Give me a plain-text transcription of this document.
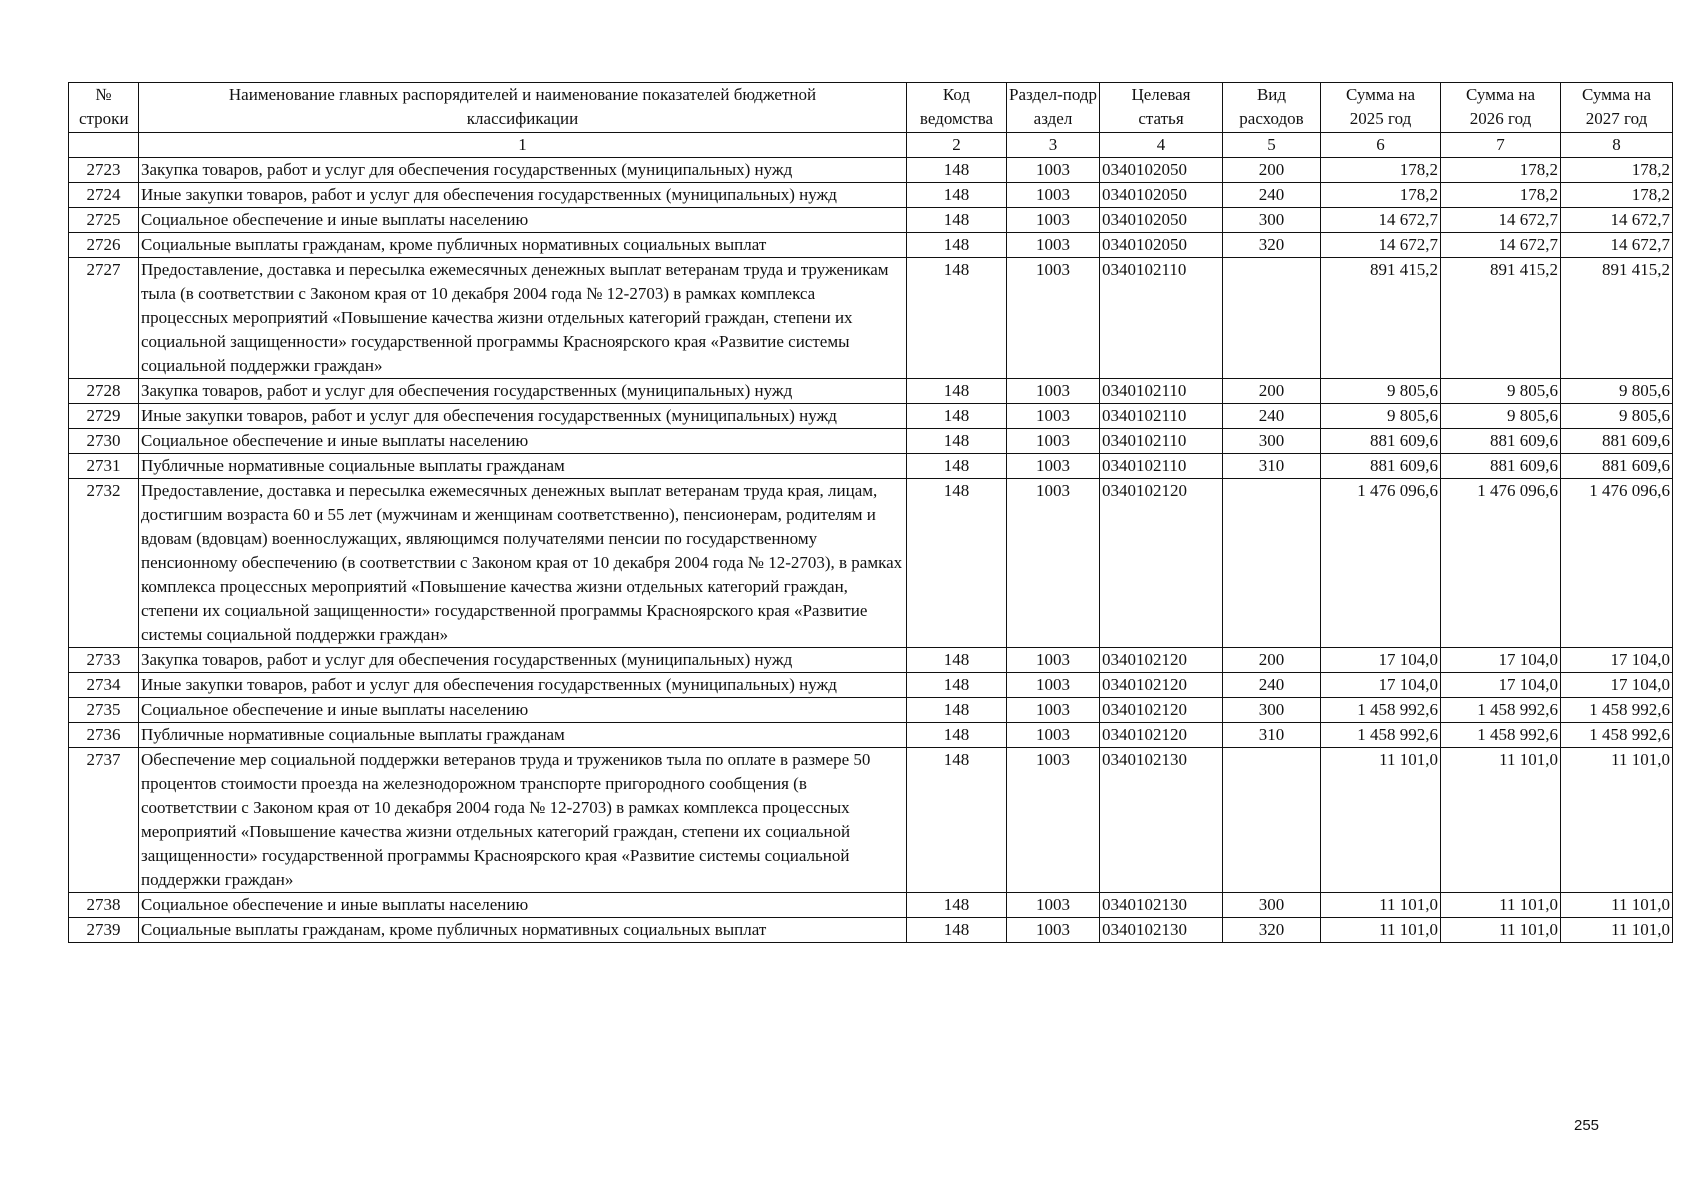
№ строки	Наименование главных распорядителей и наименование показателей бюджетной классификации	Код ведомства	Раздел-подраздел	Целевая статья	Вид расходов	Сумма на 2025 год	Сумма на 2026 год	Сумма на 2027 год
	1	2	3	4	5	6	7	8
2723	Закупка товаров, работ и услуг для обеспечения государственных (муниципальных) нужд	148	1003	0340102050	200	178,2	178,2	178,2
2724	Иные закупки товаров, работ и услуг для обеспечения государственных (муниципальных) нужд	148	1003	0340102050	240	178,2	178,2	178,2
2725	Социальное обеспечение и иные выплаты населению	148	1003	0340102050	300	14 672,7	14 672,7	14 672,7
2726	Социальные выплаты гражданам, кроме публичных нормативных социальных выплат	148	1003	0340102050	320	14 672,7	14 672,7	14 672,7
2727	Предоставление, доставка и пересылка ежемесячных денежных выплат ветеранам труда и труженикам тыла (в соответствии с Законом края от 10 декабря 2004 года № 12-2703) в рамках комплекса процессных мероприятий «Повышение качества жизни отдельных категорий граждан, степени их социальной защищенности» государственной программы Красноярского края «Развитие системы социальной поддержки граждан»	148	1003	0340102110		891 415,2	891 415,2	891 415,2
2728	Закупка товаров, работ и услуг для обеспечения государственных (муниципальных) нужд	148	1003	0340102110	200	9 805,6	9 805,6	9 805,6
2729	Иные закупки товаров, работ и услуг для обеспечения государственных (муниципальных) нужд	148	1003	0340102110	240	9 805,6	9 805,6	9 805,6
2730	Социальное обеспечение и иные выплаты населению	148	1003	0340102110	300	881 609,6	881 609,6	881 609,6
2731	Публичные нормативные социальные выплаты гражданам	148	1003	0340102110	310	881 609,6	881 609,6	881 609,6
2732	Предоставление, доставка и пересылка ежемесячных денежных выплат ветеранам труда края, лицам, достигшим возраста 60 и 55 лет (мужчинам и женщинам соответственно), пенсионерам, родителям и вдовам (вдовцам) военнослужащих, являющимся получателями пенсии по государственному пенсионному обеспечению (в соответствии с Законом края от 10 декабря 2004 года № 12-2703), в рамках комплекса процессных мероприятий «Повышение качества жизни отдельных категорий граждан, степени их социальной защищенности» государственной программы Красноярского края «Развитие системы социальной поддержки граждан»	148	1003	0340102120		1 476 096,6	1 476 096,6	1 476 096,6
2733	Закупка товаров, работ и услуг для обеспечения государственных (муниципальных) нужд	148	1003	0340102120	200	17 104,0	17 104,0	17 104,0
2734	Иные закупки товаров, работ и услуг для обеспечения государственных (муниципальных) нужд	148	1003	0340102120	240	17 104,0	17 104,0	17 104,0
2735	Социальное обеспечение и иные выплаты населению	148	1003	0340102120	300	1 458 992,6	1 458 992,6	1 458 992,6
2736	Публичные нормативные социальные выплаты гражданам	148	1003	0340102120	310	1 458 992,6	1 458 992,6	1 458 992,6
2737	Обеспечение мер социальной поддержки ветеранов труда и тружеников тыла по оплате в размере 50 процентов стоимости проезда на железнодорожном транспорте пригородного сообщения (в соответствии с Законом края от 10 декабря 2004 года № 12-2703) в рамках комплекса процессных мероприятий «Повышение качества жизни отдельных категорий граждан, степени их социальной защищенности» государственной программы Красноярского края «Развитие системы социальной поддержки граждан»	148	1003	0340102130		11 101,0	11 101,0	11 101,0
2738	Социальное обеспечение и иные выплаты населению	148	1003	0340102130	300	11 101,0	11 101,0	11 101,0
2739	Социальные выплаты гражданам, кроме публичных нормативных социальных выплат	148	1003	0340102130	320	11 101,0	11 101,0	11 101,0
255
